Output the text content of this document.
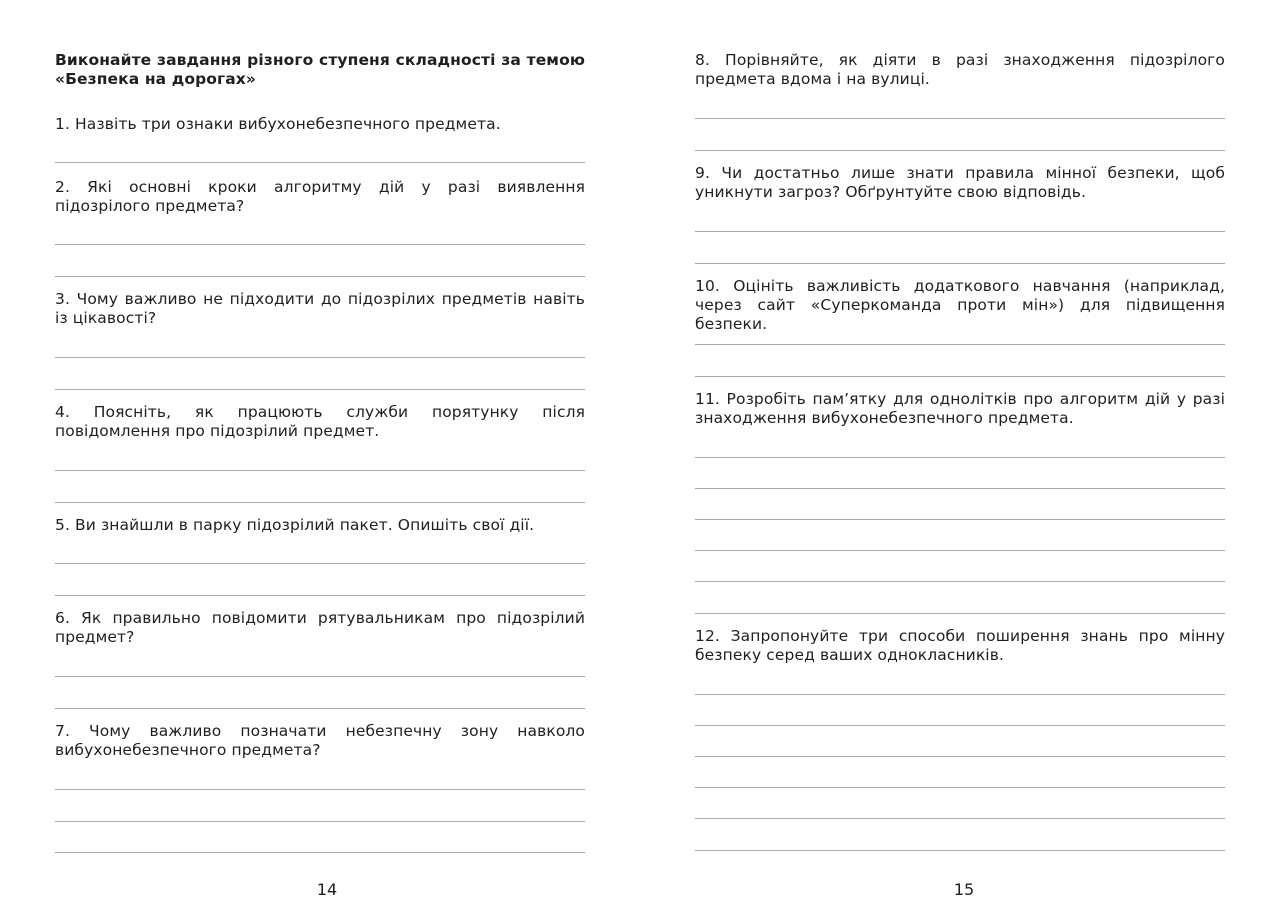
Виконайте завдання різного ступеня складності за темою «Безпека на дорогах»
1. Назвіть три ознаки вибухонебезпечного предмета.
2. Які основні кроки алгоритму дій у разі виявлення підозрілого предмета?
3. Чому важливо не підходити до підозрілих предметів навіть із цікавості?
4. Поясніть, як працюють служби порятунку після повідомлення про підозрілий предмет.
5. Ви знайшли в парку підозрілий пакет. Опишіть свої дії.
6. Як правильно повідомити рятувальникам про підозрілий предмет?
7. Чому важливо позначати небезпечну зону навколо вибухонебезпечного предмета?
14
8. Порівняйте, як діяти в разі знаходження підозрілого предмета вдома і на вулиці.
9. Чи достатньо лише знати правила мінної безпеки, щоб уникнути загроз? Обґрунтуйте свою відповідь.
10. Оцініть важливість додаткового навчання (наприклад, через сайт «Суперкоманда проти мін») для підвищення безпеки.
11. Розробіть пам’ятку для однолітків про алгоритм дій у разі знаходження вибухонебезпечного предмета.
12. Запропонуйте три способи поширення знань про мінну безпеку серед ваших однокласників.
15
